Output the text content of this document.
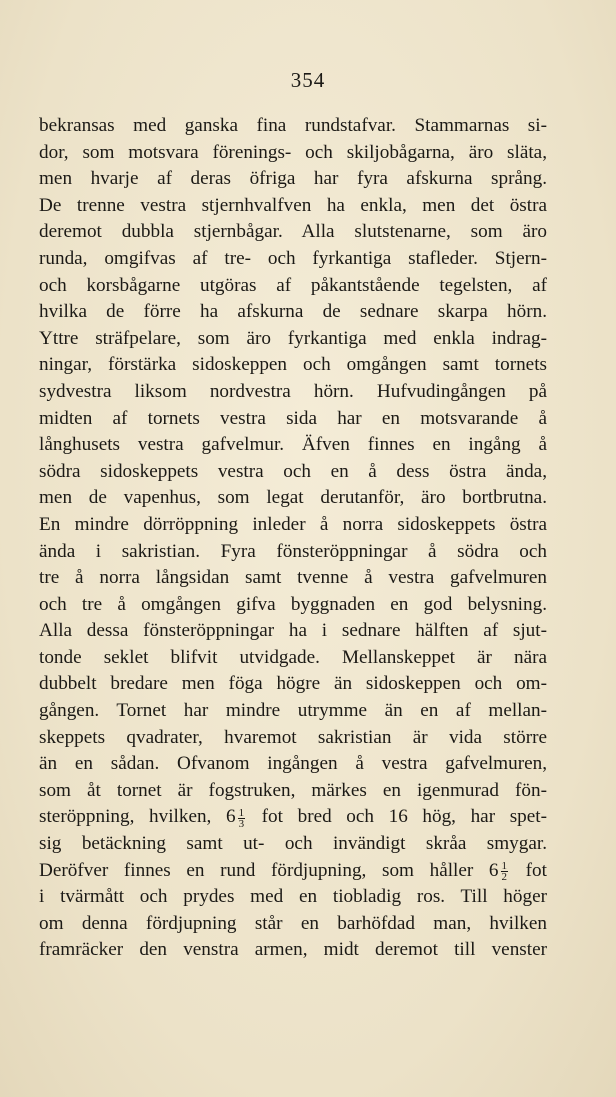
354
bekransas med ganska fina rundstafvar. Stammarnas si-
dor, som motsvara förenings- och skiljobågarna, äro släta,
men hvarje af deras öfriga har fyra afskurna språng.
De trenne vestra stjernhvalfven ha enkla, men det östra
deremot dubbla stjernbågar. Alla slutstenarne, som äro
runda, omgifvas af tre- och fyrkantiga stafleder. Stjern-
och korsbågarne utgöras af påkantstående tegelsten, af
hvilka de förre ha afskurna de sednare skarpa hörn.
Yttre sträfpelare, som äro fyrkantiga med enkla indrag-
ningar, förstärka sidoskeppen och omgången samt tornets
sydvestra liksom nordvestra hörn. Hufvudingången på
midten af tornets vestra sida har en motsvarande å
långhusets vestra gafvelmur. Äfven finnes en ingång å
södra sidoskeppets vestra och en å dess östra ända,
men de vapenhus, som legat derutanför, äro bortbrutna.
En mindre dörröppning inleder å norra sidoskeppets östra
ända i sakristian. Fyra fönsteröppningar å södra och
tre å norra långsidan samt tvenne å vestra gafvelmuren
och tre å omgången gifva byggnaden en god belysning.
Alla dessa fönsteröppningar ha i sednare hälften af sjut-
tonde seklet blifvit utvidgade. Mellanskeppet är nära
dubbelt bredare men föga högre än sidoskeppen och om-
gången. Tornet har mindre utrymme än en af mellan-
skeppets qvadrater, hvaremot sakristian är vida större
än en sådan. Ofvanom ingången å vestra gafvelmuren,
som åt tornet är fogstruken, märkes en igenmurad fön-
steröppning, hvilken, $6 \frac{1}{3}$ fot bred och 16 hög, har spet-
sig betäckning samt ut- och invändigt skråa smygar.
Deröfver finnes en rund fördjupning, som håller $6 \frac{1}{2}$ fot
i tvärmått och prydes med en tiobladig ros. Till höger
om denna fördjupning står en barhöfdad man, hvilken
framräcker den venstra armen, midt deremot till venster
